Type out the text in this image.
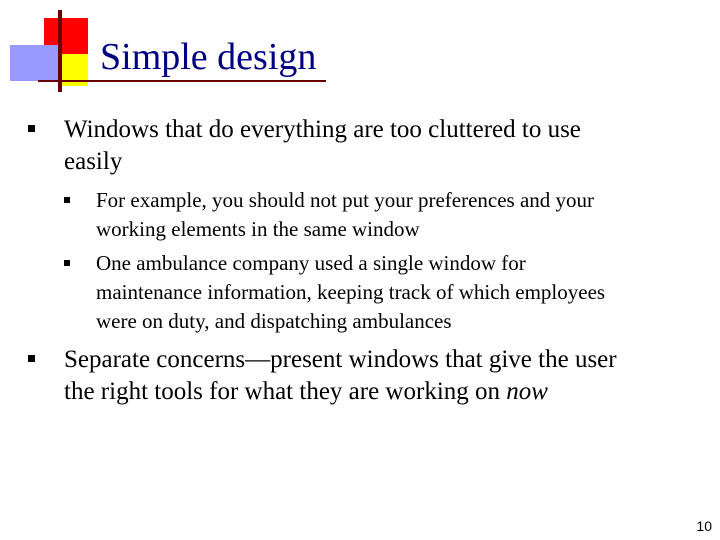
Simple design
Windows that do everything are too cluttered to use
easily
For example, you should not put your preferences and your
working elements in the same window
One ambulance company used a single window for
maintenance information, keeping track of which employees
were on duty, and dispatching ambulances
Separate concerns—present windows that give the user
the right tools for what they are working on now
10
